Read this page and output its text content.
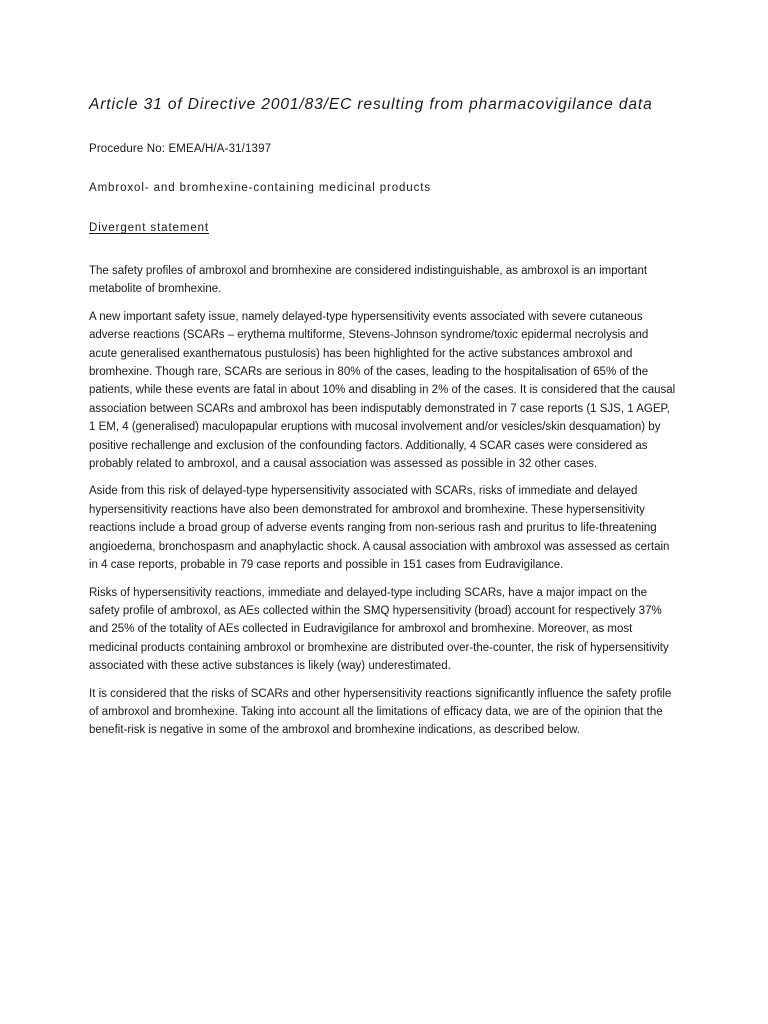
Article 31 of Directive 2001/83/EC resulting from pharmacovigilance data

Procedure No: EMEA/H/A-31/1397

Ambroxol- and bromhexine-containing medicinal products

Divergent statement

The safety profiles of ambroxol and bromhexine are considered indistinguishable, as ambroxol is an important metabolite of bromhexine.

A new important safety issue, namely delayed-type hypersensitivity events associated with severe cutaneous adverse reactions (SCARs – erythema multiforme, Stevens-Johnson syndrome/toxic epidermal necrolysis and acute generalised exanthematous pustulosis) has been highlighted for the active substances ambroxol and bromhexine. Though rare, SCARs are serious in 80% of the cases, leading to the hospitalisation of 65% of the patients, while these events are fatal in about 10% and disabling in 2% of the cases. It is considered that the causal association between SCARs and ambroxol has been indisputably demonstrated in 7 case reports (1 SJS, 1 AGEP, 1 EM, 4 (generalised) maculopapular eruptions with mucosal involvement and/or vesicles/skin desquamation) by positive rechallenge and exclusion of the confounding factors. Additionally, 4 SCAR cases were considered as probably related to ambroxol, and a causal association was assessed as possible in 32 other cases.

Aside from this risk of delayed-type hypersensitivity associated with SCARs, risks of immediate and delayed hypersensitivity reactions have also been demonstrated for ambroxol and bromhexine. These hypersensitivity reactions include a broad group of adverse events ranging from non-serious rash and pruritus to life-threatening angioedema, bronchospasm and anaphylactic shock. A causal association with ambroxol was assessed as certain in 4 case reports, probable in 79 case reports and possible in 151 cases from Eudravigilance.

Risks of hypersensitivity reactions, immediate and delayed-type including SCARs, have a major impact on the safety profile of ambroxol, as AEs collected within the SMQ hypersensitivity (broad) account for respectively 37% and 25% of the totality of AEs collected in Eudravigilance for ambroxol and bromhexine. Moreover, as most medicinal products containing ambroxol or bromhexine are distributed over-the-counter, the risk of hypersensitivity associated with these active substances is likely (way) underestimated.

It is considered that the risks of SCARs and other hypersensitivity reactions significantly influence the safety profile of ambroxol and bromhexine. Taking into account all the limitations of efficacy data, we are of the opinion that the benefit-risk is negative in some of the ambroxol and bromhexine indications, as described below.
